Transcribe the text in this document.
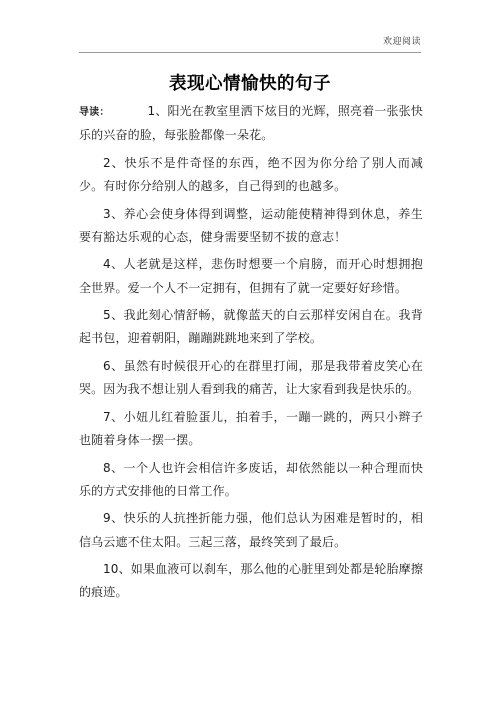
欢迎阅读
表现心情愉快的句子

导读：	1、阳光在教室里洒下炫目的光辉，照亮着一张张快乐的兴奋的脸，每张脸都像一朵花。

2、快乐不是件奇怪的东西，绝不因为你分给了别人而减少。有时你分给别人的越多，自己得到的也越多。

3、养心会使身体得到调整，运动能使精神得到休息，养生要有豁达乐观的心态，健身需要坚韧不拔的意志！

4、人老就是这样，悲伤时想要一个肩膀，而开心时想拥抱全世界。爱一个人不一定拥有，但拥有了就一定要好好珍惜。

5、我此刻心情舒畅，就像蓝天的白云那样安闲自在。我背起书包，迎着朝阳，蹦蹦跳跳地来到了学校。

6、虽然有时候很开心的在群里打闹，那是我带着皮笑心在哭。因为我不想让别人看到我的痛苦，让大家看到我是快乐的。

7、小妞儿红着脸蛋儿，拍着手，一蹦一跳的，两只小辫子也随着身体一摆一摆。

8、一个人也许会相信许多废话，却依然能以一种合理而快乐的方式安排他的日常工作。

9、快乐的人抗挫折能力强，他们总认为困难是暂时的，相信乌云遮不住太阳。三起三落，最终笑到了最后。

10、如果血液可以刹车，那么他的心脏里到处都是轮胎摩擦的痕迹。
